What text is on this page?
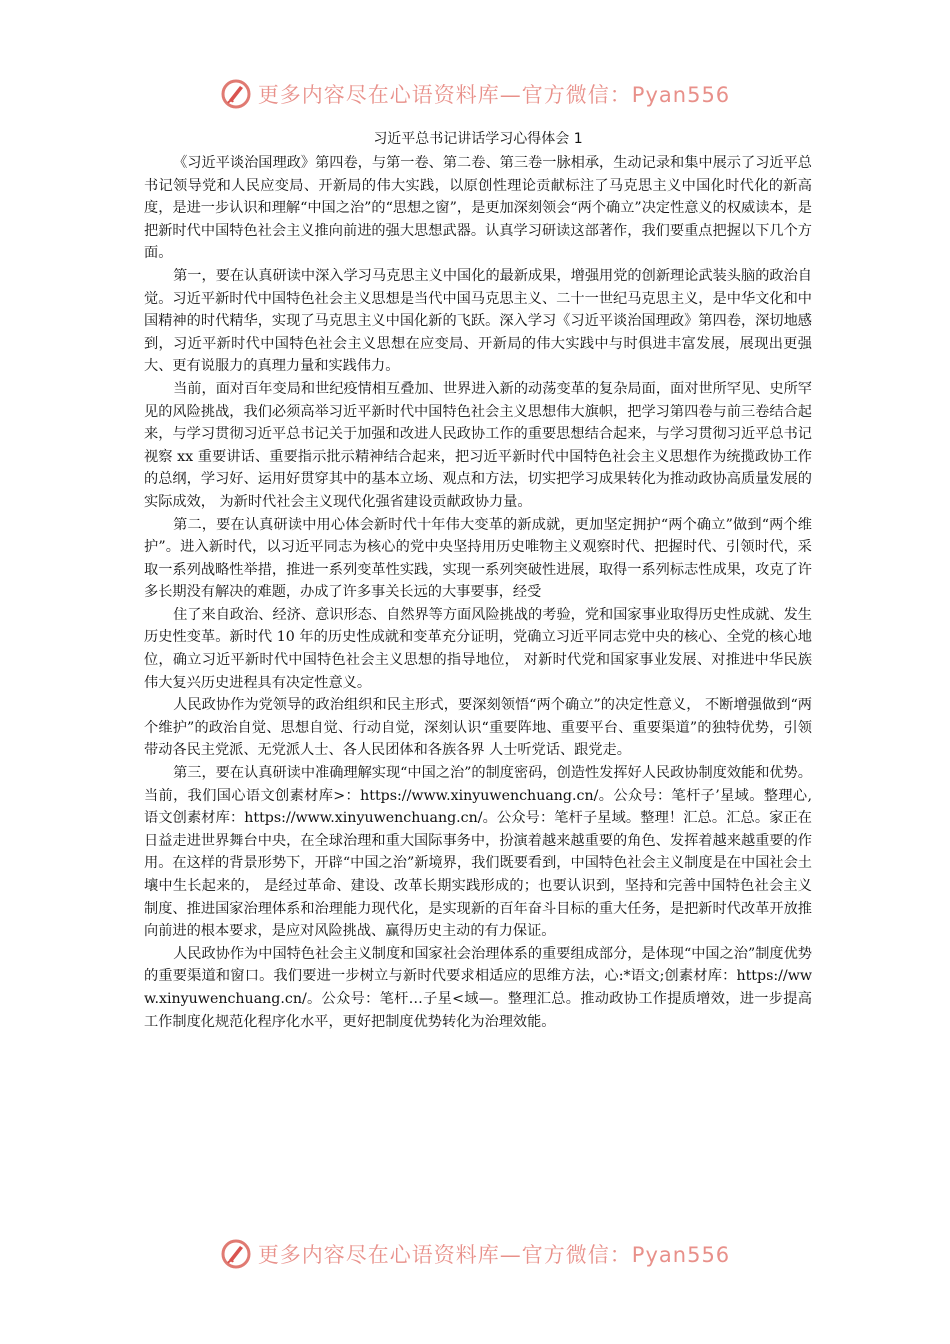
更多内容尽在心语资料库—官方微信：Pyan556
习近平总书记讲话学习心得体会 1

《习近平谈治国理政》第四卷，与第一卷、第二卷、第三卷一脉相承，生动记录和集中展示了习近平总书记领导党和人民应变局、开新局的伟大实践，以原创性理论贡献标注了马克思主义中国化时代化的新高度，是进一步认识和理解“中国之治”的“思想之窗”，是更加深刻领会“两个确立”决定性意义的权威读本，是把新时代中国特色社会主义推向前进的强大思想武器。认真学习研读这部著作，我们要重点把握以下几个方面。

第一，要在认真研读中深入学习马克思主义中国化的最新成果，增强用党的创新理论武装头脑的政治自觉。习近平新时代中国特色社会主义思想是当代中国马克思主义、二十一世纪马克思主义，是中华文化和中国精神的时代精华，实现了马克思主义中国化新的飞跃。深入学习《习近平谈治国理政》第四卷，深切地感到，习近平新时代中国特色社会主义思想在应变局、开新局的伟大实践中与时俱进丰富发展，展现出更强大、更有说服力的真理力量和实践伟力。

当前，面对百年变局和世纪疫情相互叠加、世界进入新的动荡变革的复杂局面，面对世所罕见、史所罕见的风险挑战，我们必须高举习近平新时代中国特色社会主义思想伟大旗帜，把学习第四卷与前三卷结合起来，与学习贯彻习近平总书记关于加强和改进人民政协工作的重要思想结合起来，与学习贯彻习近平总书记视察 xx 重要讲话、重要指示批示精神结合起来，把习近平新时代中国特色社会主义思想作为统揽政协工作的总纲，学习好、运用好贯穿其中的基本立场、观点和方法，切实把学习成果转化为推动政协高质量发展的实际成效， 为新时代社会主义现代化强省建设贡献政协力量。

第二，要在认真研读中用心体会新时代十年伟大变革的新成就，更加坚定拥护“两个确立”做到“两个维护”。进入新时代，以习近平同志为核心的党中央坚持用历史唯物主义观察时代、把握时代、引领时代，采取一系列战略性举措，推进一系列变革性实践，实现一系列突破性进展，取得一系列标志性成果，攻克了许多长期没有解决的难题，办成了许多事关长远的大事要事，经受

住了来自政治、经济、意识形态、自然界等方面风险挑战的考验，党和国家事业取得历史性成就、发生历史性变革。新时代 10 年的历史性成就和变革充分证明，党确立习近平同志党中央的核心、全党的核心地位，确立习近平新时代中国特色社会主义思想的指导地位， 对新时代党和国家事业发展、对推进中华民族伟大复兴历史进程具有决定性意义。

人民政协作为党领导的政治组织和民主形式，要深刻领悟“两个确立”的决定性意义， 不断增强做到“两个维护”的政治自觉、思想自觉、行动自觉，深刻认识“重要阵地、重要平台、重要渠道”的独特优势，引领带动各民主党派、无党派人士、各人民团体和各族各界 人士听党话、跟党走。

第三，要在认真研读中准确理解实现“中国之治”的制度密码，创造性发挥好人民政协制度效能和优势。当前，我们国心语文创素材库>：https://www.xinyuwenchuang.cn/。公众号：笔杆子’星域。整理心,语文创素材库：https://www.xinyuwenchuang.cn/。公众号：笔杆子星域。整理！汇总。汇总。家正在日益走进世界舞台中央，在全球治理和重大国际事务中，扮演着越来越重要的角色、发挥着越来越重要的作用。在这样的背景形势下，开辟“中国之治”新境界，我们既要看到，中国特色社会主义制度是在中国社会土壤中生长起来的， 是经过革命、建设、改革长期实践形成的；也要认识到，坚持和完善中国特色社会主义制度、推进国家治理体系和治理能力现代化，是实现新的百年奋斗目标的重大任务，是把新时代改革开放推向前进的根本要求，是应对风险挑战、赢得历史主动的有力保证。

人民政协作为中国特色社会主义制度和国家社会治理体系的重要组成部分，是体现“中国之治”制度优势的重要渠道和窗口。我们要进一步树立与新时代要求相适应的思维方法，心:*语文;创素材库：https://www.xinyuwenchuang.cn/。公众号：笔杆…子星<域—。整理汇总。推动政协工作提质增效，进一步提高工作制度化规范化程序化水平，更好把制度优势转化为治理效能。

更多内容尽在心语资料库—官方微信：Pyan556
